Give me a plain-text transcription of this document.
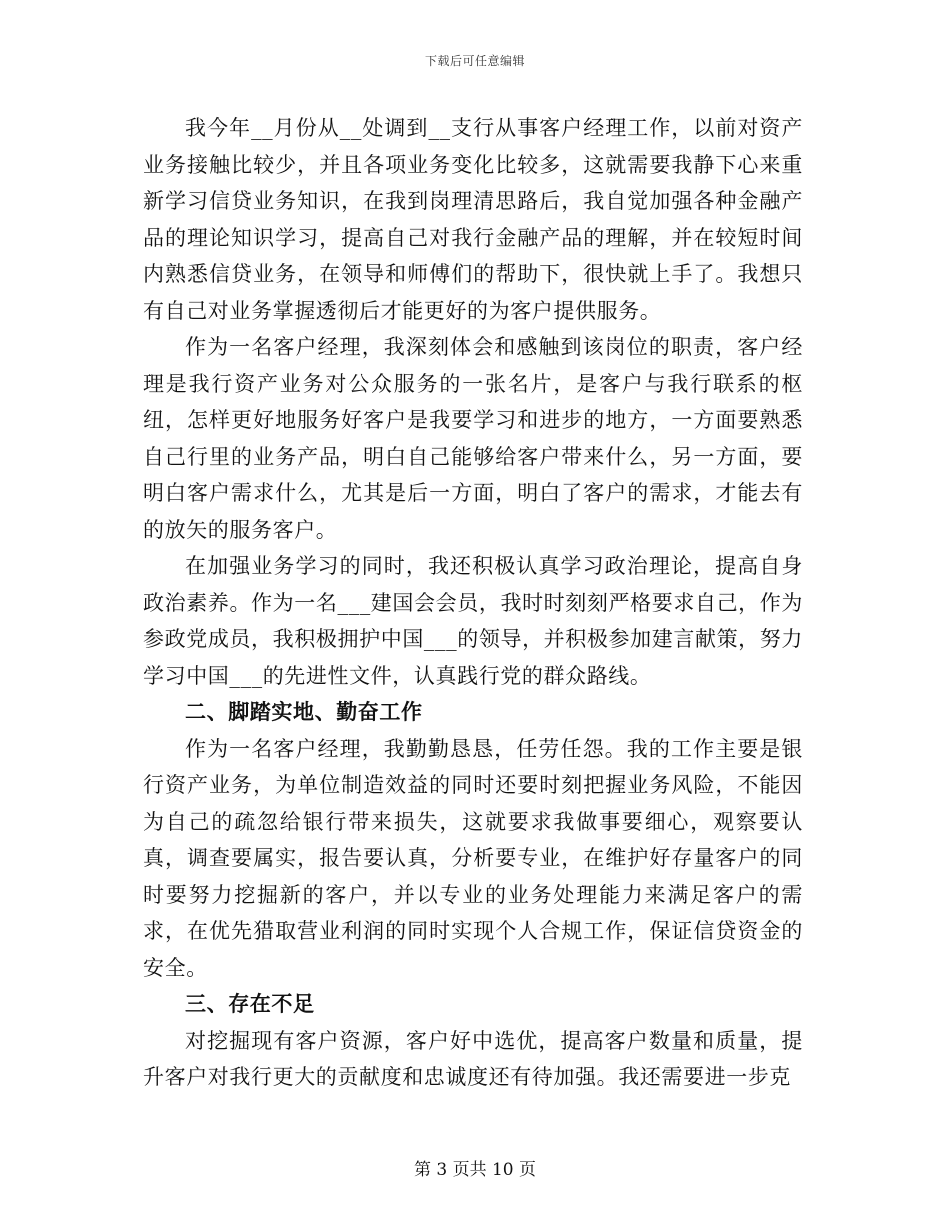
下载后可任意编辑

我今年__月份从__处调到__支行从事客户经理工作，以前对资产业务接触比较少，并且各项业务变化比较多，这就需要我静下心来重新学习信贷业务知识，在我到岗理清思路后，我自觉加强各种金融产品的理论知识学习，提高自己对我行金融产品的理解，并在较短时间内熟悉信贷业务，在领导和师傅们的帮助下，很快就上手了。我想只有自己对业务掌握透彻后才能更好的为客户提供服务。

作为一名客户经理，我深刻体会和感触到该岗位的职责，客户经理是我行资产业务对公众服务的一张名片，是客户与我行联系的枢纽，怎样更好地服务好客户是我要学习和进步的地方，一方面要熟悉自己行里的业务产品，明白自己能够给客户带来什么，另一方面，要明白客户需求什么，尤其是后一方面，明白了客户的需求，才能去有的放矢的服务客户。

在加强业务学习的同时，我还积极认真学习政治理论，提高自身政治素养。作为一名___建国会会员，我时时刻刻严格要求自己，作为参政党成员，我积极拥护中国___的领导，并积极参加建言献策，努力学习中国___的先进性文件，认真践行党的群众路线。

二、脚踏实地、勤奋工作

作为一名客户经理，我勤勤恳恳，任劳任怨。我的工作主要是银行资产业务，为单位制造效益的同时还要时刻把握业务风险，不能因为自己的疏忽给银行带来损失，这就要求我做事要细心，观察要认真，调查要属实，报告要认真，分析要专业，在维护好存量客户的同时要努力挖掘新的客户，并以专业的业务处理能力来满足客户的需求，在优先猎取营业利润的同时实现个人合规工作，保证信贷资金的安全。

三、存在不足

对挖掘现有客户资源，客户好中选优，提高客户数量和质量，提升客户对我行更大的贡献度和忠诚度还有待加强。我还需要进一步克

第 3 页共 10 页
